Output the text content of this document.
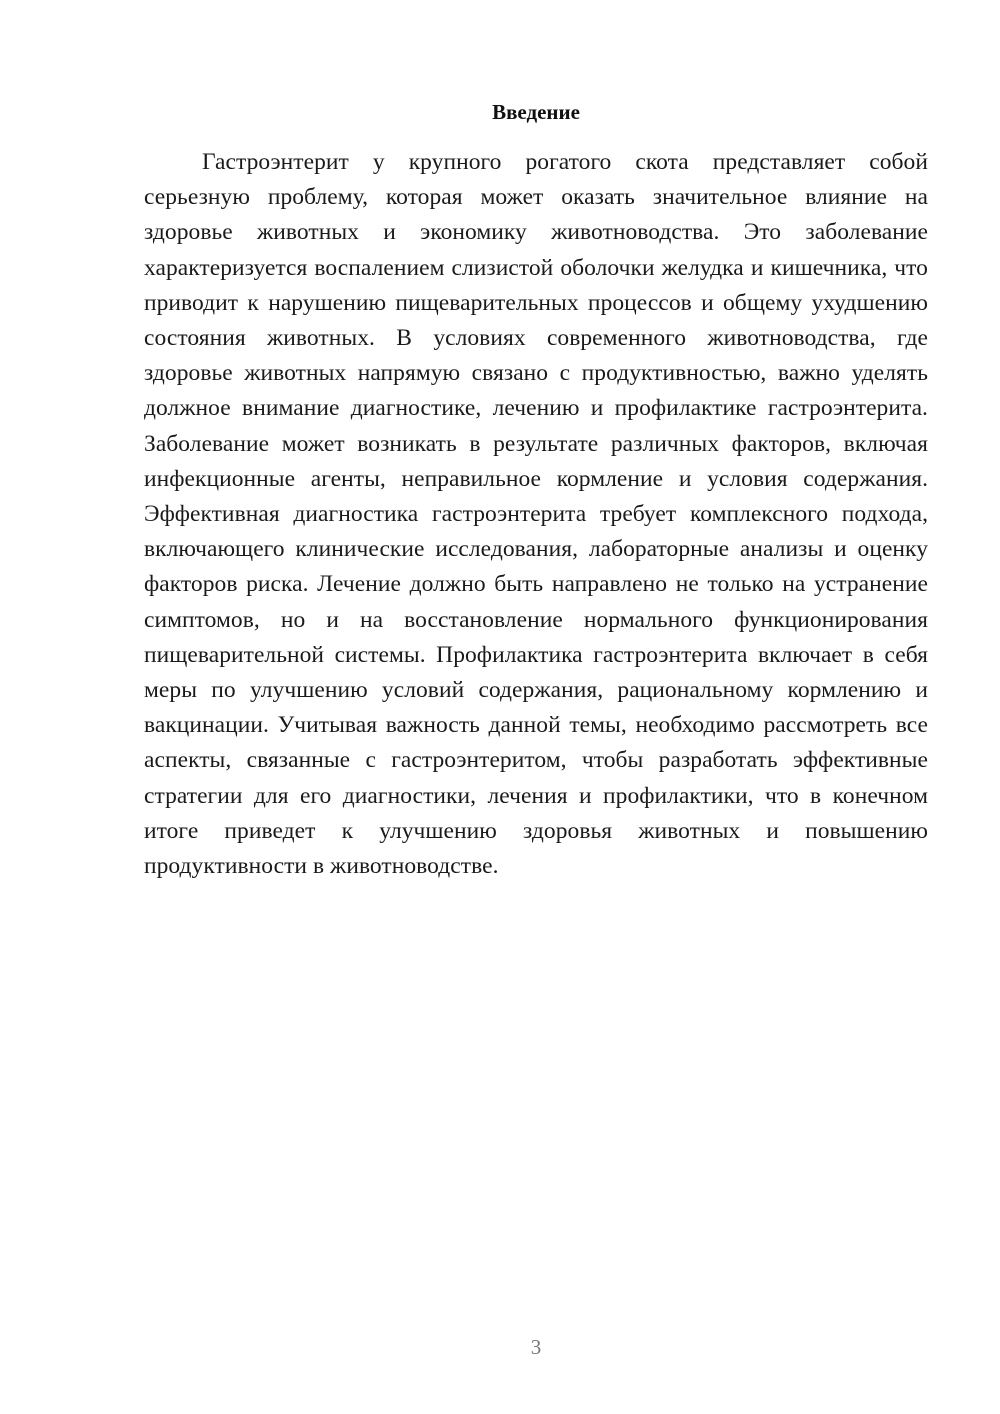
Введение

Гастроэнтерит у крупного рогатого скота представляет собой серьезную проблему, которая может оказать значительное влияние на здоровье животных и экономику животноводства. Это заболевание характеризуется воспалением слизистой оболочки желудка и кишечника, что приводит к нарушению пищеварительных процессов и общему ухудшению состояния животных. В условиях современного животноводства, где здоровье животных напрямую связано с продуктивностью, важно уделять должное внимание диагностике, лечению и профилактике гастроэнтерита. Заболевание может возникать в результате различных факторов, включая инфекционные агенты, неправильное кормление и условия содержания. Эффективная диагностика гастроэнтерита требует комплексного подхода, включающего клинические исследования, лабораторные анализы и оценку факторов риска. Лечение должно быть направлено не только на устранение симптомов, но и на восстановление нормального функционирования пищеварительной системы. Профилактика гастроэнтерита включает в себя меры по улучшению условий содержания, рациональному кормлению и вакцинации. Учитывая важность данной темы, необходимо рассмотреть все аспекты, связанные с гастроэнтеритом, чтобы разработать эффективные стратегии для его диагностики, лечения и профилактики, что в конечном итоге приведет к улучшению здоровья животных и повышению продуктивности в животноводстве.

3
